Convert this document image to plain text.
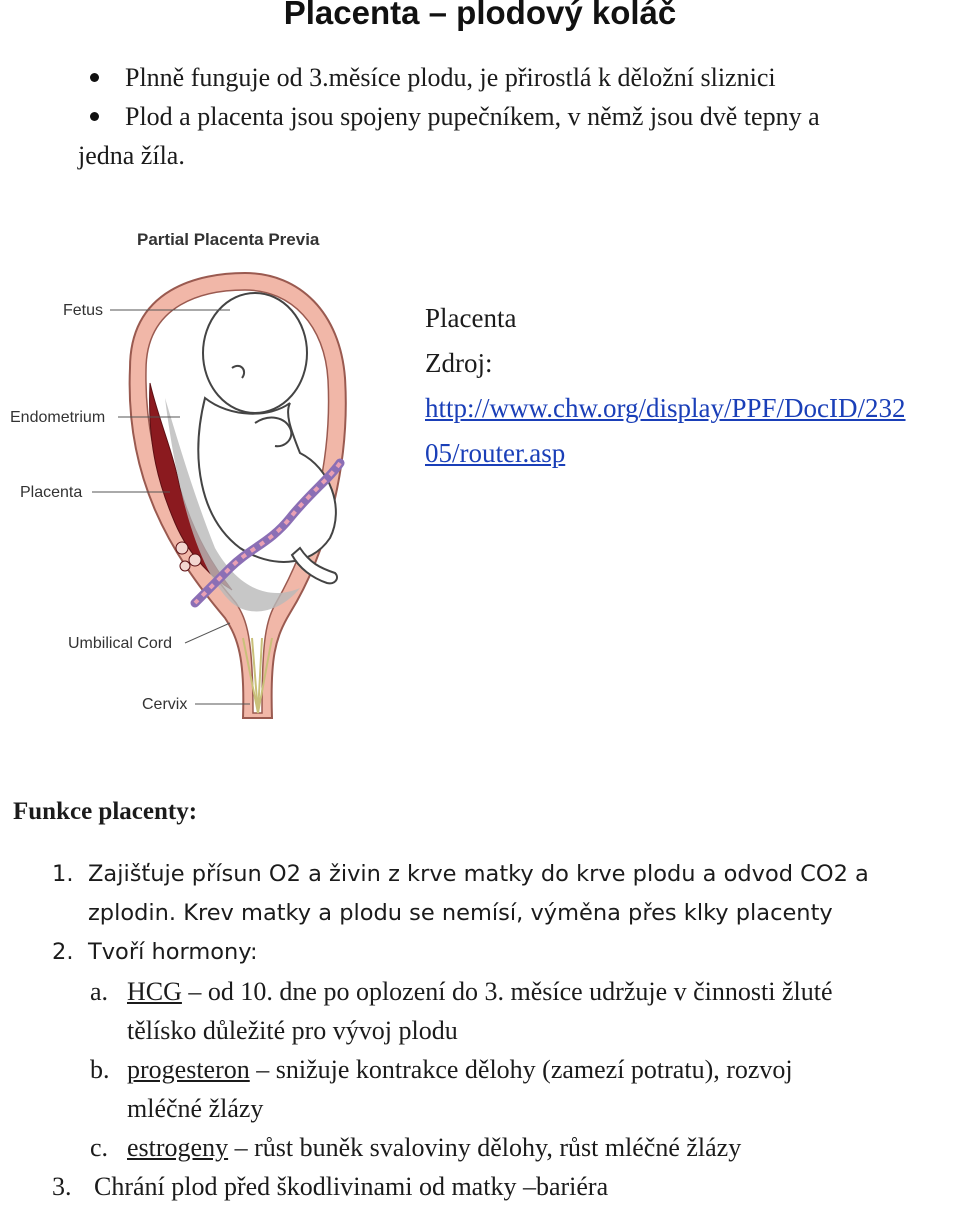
Placenta – plodový koláč
Plnně funguje od 3.měsíce plodu, je přirostlá k děložní sliznici
Plod a placenta jsou spojeny pupečníkem, v němž jsou dvě tepny a
jedna žíla.
Partial Placenta Previa
Fetus
Endometrium
Placenta
Umbilical Cord
Cervix
Placenta
Zdroj:
http://www.chw.org/display/PPF/DocID/232
05/router.asp
Funkce placenty:
1. Zajišťuje přísun O2 a živin z krve matky do krve plodu a odvod CO2 a
zplodin. Krev matky a plodu se nemísí, výměna přes klky placenty
2. Tvoří hormony:
a. HCG – od 10. dne po oplození do 3. měsíce udržuje v činnosti žluté
tělísko důležité pro vývoj plodu
b. progesteron – snižuje kontrakce dělohy (zamezí potratu), rozvoj
mléčné žlázy
c. estrogeny – růst buněk svaloviny dělohy, růst mléčné žlázy
3. Chrání plod před škodlivinami od matky –bariéra
